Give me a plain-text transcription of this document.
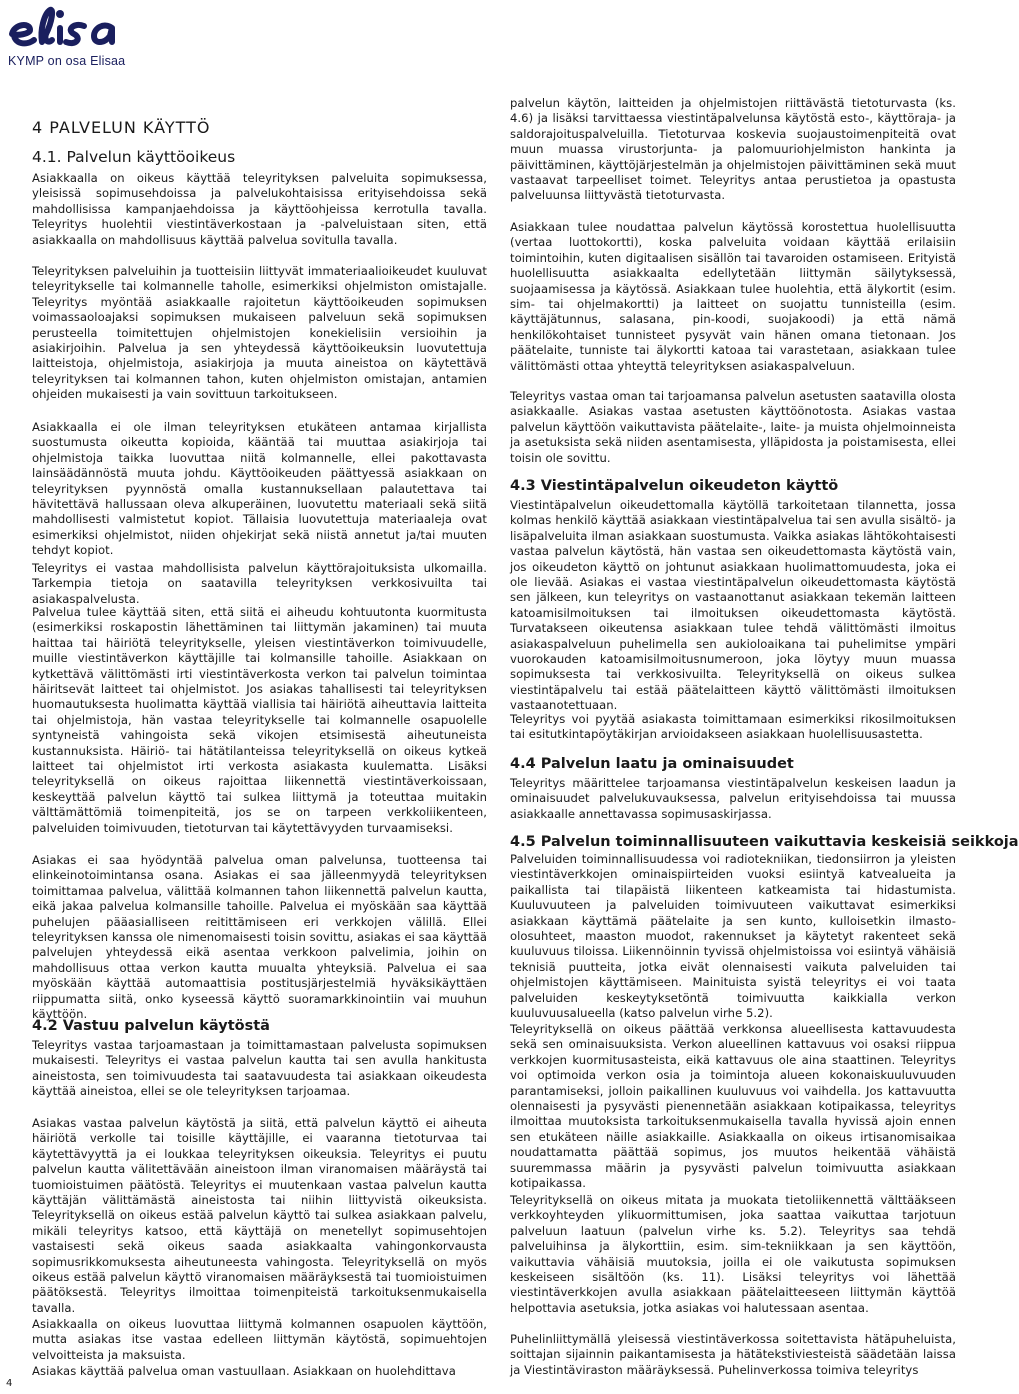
KYMP on osa Elisaa
4 PALVELUN KÄYTTÖ
4.1. Palvelun käyttöoikeus

Asiakkaalla on oikeus käyttää teleyrityksen palveluita sopimuksessa, yleisissä sopimusehdoissa ja palvelukohtaisissa erityisehdoissa sekä mahdollisissa kampanjaehdoissa ja käyttöohjeissa kerrotulla tavalla. Teleyritys huolehtii viestintäverkostaan ja -palveluistaan siten, että asiakkaalla on mahdollisuus käyttää palvelua sovitulla tavalla.

Teleyrityksen palveluihin ja tuotteisiin liittyvät immateriaalioikeudet kuuluvat teleyritykselle tai kolmannelle taholle, esimerkiksi ohjelmiston omistajalle. Teleyritys myöntää asiakkaalle rajoitetun käyttöoikeuden sopimuksen voimassaoloajaksi sopimuksen mukaiseen palveluun sekä sopimuksen perusteella toimitettujen ohjelmistojen konekielisiin versioihin ja asiakirjoihin. Palvelua ja sen yhteydessä käyttöoikeuksin luovutettuja laitteistoja, ohjelmistoja, asiakirjoja ja muuta aineistoa on käytettävä teleyrityksen tai kolmannen tahon, kuten ohjelmiston omistajan, antamien ohjeiden mukaisesti ja vain sovittuun tarkoitukseen.

Asiakkaalla ei ole ilman teleyrityksen etukäteen antamaa kirjallista suostumusta oikeutta kopioida, kääntää tai muuttaa asiakirjoja tai ohjelmistoja taikka luovuttaa niitä kolmannelle, ellei pakottavasta lainsäädännöstä muuta johdu. Käyttöoikeuden päättyessä asiakkaan on teleyrityksen pyynnöstä omalla kustannuksellaan palautettava tai hävitettävä hallussaan oleva alkuperäinen, luovutettu materiaali sekä siitä mahdollisesti valmistetut kopiot. Tällaisia luovutettuja materiaaleja ovat esimerkiksi ohjelmistot, niiden ohjekirjat sekä niistä annetut ja/tai muuten tehdyt kopiot.

Teleyritys ei vastaa mahdollisista palvelun käyttörajoituksista ulkomailla. Tarkempia tietoja on saatavilla teleyrityksen verkkosivuilta tai asiakaspalvelusta.

Palvelua tulee käyttää siten, että siitä ei aiheudu kohtuutonta kuormitusta (esimerkiksi roskapostin lähettäminen tai liittymän jakaminen) tai muuta haittaa tai häiriötä teleyritykselle, yleisen viestintäverkon toimivuudelle, muille viestintäverkon käyttäjille tai kolmansille tahoille. Asiakkaan on kytkettävä välittömästi irti viestintäverkosta verkon tai palvelun toimintaa häiritsevät laitteet tai ohjelmistot. Jos asiakas tahallisesti tai teleyrityksen huomautuksesta huolimatta käyttää viallisia tai häiriötä aiheuttavia laitteita tai ohjelmistoja, hän vastaa teleyritykselle tai kolmannelle osapuolelle syntyneistä vahingoista sekä vikojen etsimisestä aiheutuneista kustannuksista. Häiriö- tai hätätilanteissa teleyrityksellä on oikeus kytkeä laitteet tai ohjelmistot irti verkosta asiakasta kuulematta. Lisäksi teleyrityksellä on oikeus rajoittaa liikennettä viestintäverkoissaan, keskeyttää palvelun käyttö tai sulkea liittymä ja toteuttaa muitakin välttämättömiä toimenpiteitä, jos se on tarpeen verkkoliikenteen, palveluiden toimivuuden, tietoturvan tai käytettävyyden turvaamiseksi.

Asiakas ei saa hyödyntää palvelua oman palvelunsa, tuotteensa tai elinkeinotoimintansa osana. Asiakas ei saa jälleenmyydä teleyrityksen toimittamaa palvelua, välittää kolmannen tahon liikennettä palvelun kautta, eikä jakaa palvelua kolmansille tahoille. Palvelua ei myöskään saa käyttää puhelujen pääasialliseen reitittämiseen eri verkkojen välillä. Ellei teleyrityksen kanssa ole nimenomaisesti toisin sovittu, asiakas ei saa käyttää palvelujen yhteydessä eikä asentaa verkkoon palvelimia, joihin on mahdollisuus ottaa verkon kautta muualta yhteyksiä. Palvelua ei saa myöskään käyttää automaattisia postitusjärjestelmiä hyväksikäyttäen riippumatta siitä, onko kyseessä käyttö suoramarkkinointiin vai muuhun käyttöön.

4.2 Vastuu palvelun käytöstä

Teleyritys vastaa tarjoamastaan ja toimittamastaan palvelusta sopimuksen mukaisesti. Teleyritys ei vastaa palvelun kautta tai sen avulla hankitusta aineistosta, sen toimivuudesta tai saatavuudesta tai asiakkaan oikeudesta käyttää aineistoa, ellei se ole teleyrityksen tarjoamaa.

Asiakas vastaa palvelun käytöstä ja siitä, että palvelun käyttö ei aiheuta häiriötä verkolle tai toisille käyttäjille, ei vaaranna tietoturvaa tai käytettävyyttä ja ei loukkaa teleyrityksen oikeuksia. Teleyritys ei puutu palvelun kautta välitettävään aineistoon ilman viranomaisen määräystä tai tuomioistuimen päätöstä. Teleyritys ei muutenkaan vastaa palvelun kautta käyttäjän välittämästä aineistosta tai niihin liittyvistä oikeuksista. Teleyrityksellä on oikeus estää palvelun käyttö tai sulkea asiakkaan palvelu, mikäli teleyritys katsoo, että käyttäjä on menetellyt sopimusehtojen vastaisesti sekä oikeus saada asiakkaalta vahingonkorvausta sopimusrikkomuksesta aiheutuneesta vahingosta. Teleyrityksellä on myös oikeus estää palvelun käyttö viranomaisen määräyksestä tai tuomioistuimen päätöksestä. Teleyritys ilmoittaa toimenpiteistä tarkoituksenmukaisella tavalla.

Asiakkaalla on oikeus luovuttaa liittymä kolmannen osapuolen käyttöön, mutta asiakas itse vastaa edelleen liittymän käytöstä, sopimuehtojen velvoitteista ja maksuista.

Asiakas käyttää palvelua oman vastuullaan. Asiakkaan on huolehdittava

palvelun käytön, laitteiden ja ohjelmistojen riittävästä tietoturvasta (ks. 4.6) ja lisäksi tarvittaessa viestintäpalvelunsa käytöstä esto-, käyttöraja- ja saldorajoituspalveluilla. Tietoturvaa koskevia suojaustoimenpiteitä ovat muun muassa virustorjunta- ja palomuuriohjelmiston hankinta ja päivittäminen, käyttöjärjestelmän ja ohjelmistojen päivittäminen sekä muut vastaavat tarpeelliset toimet. Teleyritys antaa perustietoa ja opastusta palveluunsa liittyvästä tietoturvasta.

Asiakkaan tulee noudattaa palvelun käytössä korostettua huolellisuutta (vertaa luottokortti), koska palveluita voidaan käyttää erilaisiin toimintoihin, kuten digitaalisen sisällön tai tavaroiden ostamiseen. Erityistä huolellisuutta asiakkaalta edellytetään liittymän säilytyksessä, suojaamisessa ja käytössä. Asiakkaan tulee huolehtia, että älykortit (esim. sim- tai ohjelmakortti) ja laitteet on suojattu tunnisteilla (esim. käyttäjätunnus, salasana, pin-koodi, suojakoodi) ja että nämä henkilökohtaiset tunnisteet pysyvät vain hänen omana tietonaan. Jos päätelaite, tunniste tai älykortti katoaa tai varastetaan, asiakkaan tulee välittömästi ottaa yhteyttä teleyrityksen asiakaspalveluun.

Teleyritys vastaa oman tai tarjoamansa palvelun asetusten saatavilla olosta asiakkaalle. Asiakas vastaa asetusten käyttöönotosta. Asiakas vastaa palvelun käyttöön vaikuttavista päätelaite-, laite- ja muista ohjelmoinneista ja asetuksista sekä niiden asentamisesta, ylläpidosta ja poistamisesta, ellei toisin ole sovittu.

4.3 Viestintäpalvelun oikeudeton käyttö

Viestintäpalvelun oikeudettomalla käytöllä tarkoitetaan tilannetta, jossa kolmas henkilö käyttää asiakkaan viestintäpalvelua tai sen avulla sisältö- ja lisäpalveluita ilman asiakkaan suostumusta. Vaikka asiakas lähtökohtaisesti vastaa palvelun käytöstä, hän vastaa sen oikeudettomasta käytöstä vain, jos oikeudeton käyttö on johtunut asiakkaan huolimattomuudesta, joka ei ole lievää. Asiakas ei vastaa viestintäpalvelun oikeudettomasta käytöstä sen jälkeen, kun teleyritys on vastaanottanut asiakkaan tekemän laitteen katoamisilmoituksen tai ilmoituksen oikeudettomasta käytöstä. Turvatakseen oikeutensa asiakkaan tulee tehdä välittömästi ilmoitus asiakaspalveluun puhelimella sen aukioloaikana tai puhelimitse ympäri vuorokauden katoamisilmoitusnumeroon, joka löytyy muun muassa sopimuksesta tai verkkosivuilta. Teleyrityksellä on oikeus sulkea viestintäpalvelu tai estää päätelaitteen käyttö välittömästi ilmoituksen vastaanotettuaan.

Teleyritys voi pyytää asiakasta toimittamaan esimerkiksi rikosilmoituksen tai esitutkintapöytäkirjan arvioidakseen asiakkaan huolellisuusastetta.

4.4 Palvelun laatu ja ominaisuudet

Teleyritys määrittelee tarjoamansa viestintäpalvelun keskeisen laadun ja ominaisuudet palvelukuvauksessa, palvelun erityisehdoissa tai muussa asiakkaalle annettavassa sopimusaskirjassa.

4.5 Palvelun toiminnallisuuteen vaikuttavia keskeisiä seikkoja

Palveluiden toiminnallisuudessa voi radiotekniikan, tiedonsiirron ja yleisten viestintäverkkojen ominaispiirteiden vuoksi esiintyä katvealueita ja paikallista tai tilapäistä liikenteen katkeamista tai hidastumista. Kuuluvuuteen ja palveluiden toimivuuteen vaikuttavat esimerkiksi asiakkaan käyttämä päätelaite ja sen kunto, kulloisetkin ilmasto-olosuhteet, maaston muodot, rakennukset ja käytetyt rakenteet sekä kuuluvuus tiloissa. Liikennöinnin tyvissä ohjelmistoissa voi esiintyä vähäisiä teknisiä puutteita, jotka eivät olennaisesti vaikuta palveluiden tai ohjelmistojen käyttämiseen. Mainituista syistä teleyritys ei voi taata palveluiden keskeytyksetöntä toimivuutta kaikkialla verkon kuuluvuusalueella (katso palvelun virhe 5.2).

Teleyrityksellä on oikeus päättää verkkonsa alueellisesta kattavuudesta sekä sen ominaisuuksista. Verkon alueellinen kattavuus voi osaksi riippua verkkojen kuormitusasteista, eikä kattavuus ole aina staattinen. Teleyritys voi optimoida verkon osia ja toimintoja alueen kokonaiskuuluvuuden parantamiseksi, jolloin paikallinen kuuluvuus voi vaihdella. Jos kattavuutta olennaisesti ja pysyvästi pienennetään asiakkaan kotipaikassa, teleyritys ilmoittaa muutoksista tarkoituksenmukaisella tavalla hyvissä ajoin ennen sen etukäteen näille asiakkaille. Asiakkaalla on oikeus irtisanomisaikaa noudattamatta päättää sopimus, jos muutos heikentää vähäistä suuremmassa määrin ja pysyvästi palvelun toimivuutta asiakkaan kotipaikassa.

Teleyrityksellä on oikeus mitata ja muokata tietoliikennettä välttääkseen verkkoyhteyden ylikuormittumisen, joka saattaa vaikuttaa tarjotuun palveluun laatuun (palvelun virhe ks. 5.2). Teleyritys saa tehdä palveluihinsa ja älykorttiin, esim. sim-tekniikkaan ja sen käyttöön, vaikuttavia vähäisiä muutoksia, joilla ei ole vaikutusta sopimuksen keskeiseen sisältöön (ks. 11). Lisäksi teleyritys voi lähettää viestintäverkkojen avulla asiakkaan päätelaitteeseen liittymän käyttöä helpottavia asetuksia, jotka asiakas voi halutessaan asentaa.

Puhelinliittymällä yleisessä viestintäverkossa soitettavista hätäpuheluista, soittajan sijainnin paikantamisesta ja hätätekstiviesteistä säädetään laissa ja Viestintäviraston määräyksessä. Puhelinverkossa toimiva teleyritys

4
